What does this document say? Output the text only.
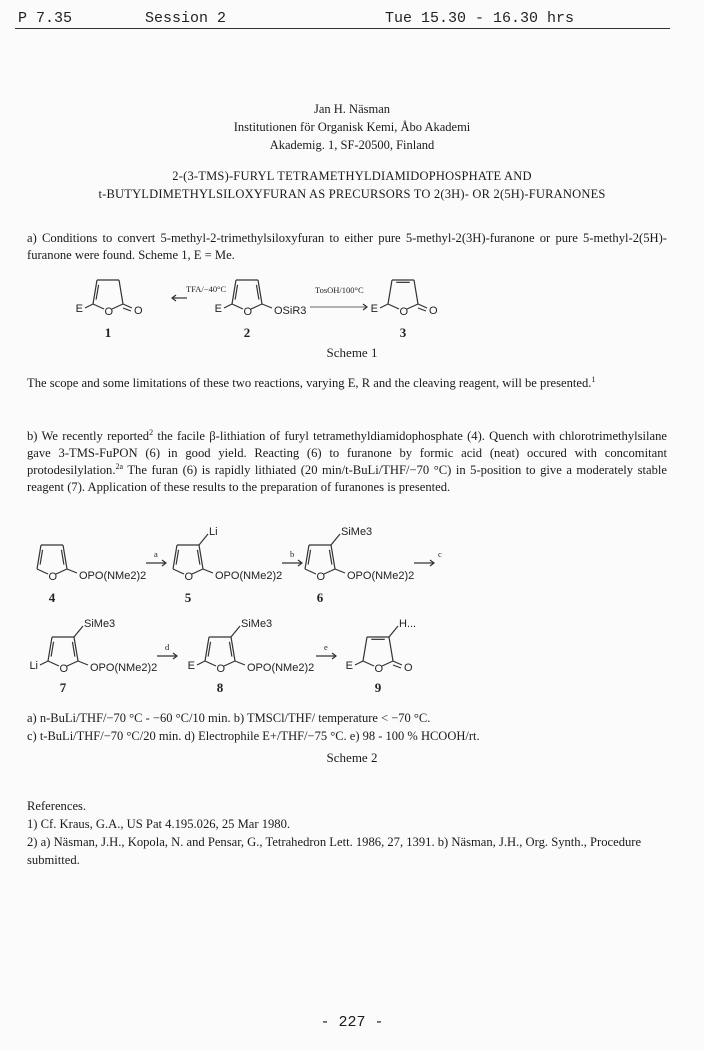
P 7.35	Session 2	Tue 15.30 - 16.30 hrs
Jan H. Näsman
Institutionen för Organisk Kemi, Åbo Akademi
Akademig. 1, SF-20500, Finland
2-(3-TMS)-FURYL TETRAMETHYLDIAMIDOPHOSPHATE AND
t-BUTYLDIMETHYLSILOXYFURAN AS PRECURSORS TO 2(3H)- OR 2(5H)-FURANONES
a) Conditions to convert 5-methyl-2-trimethylsiloxyfuran to either pure 5-methyl-2(3H)-furanone or pure 5-methyl-2(5H)-furanone were found. Scheme 1, E = Me.
The scope and some limitations of these two reactions, varying E, R and the cleaving reagent, will be presented.$^1$
b) We recently reported$^2$ the facile β-lithiation of furyl tetramethyldiamidophosphate (4). Quench with chlorotrimethylsilane gave 3-TMS-FuPON (6) in good yield. Reacting (6) to furanone by formic acid (neat) occured with concomitant protodesilylation.$^{2a}$ The furan (6) is rapidly lithiated (20 min/t-BuLi/THF/−70 °C) in 5-position to give a moderately stable reagent (7). Application of these results to the preparation of furanones is presented.
O
E	O
1
O
E	OSiR3
2
O
E	O
3
O OPO(NMe2)2
4
O OPO(NMe2)2
Li
5
O OPO(NMe2)2
SiMe3
6
O
Li	OPO(NMe2)2
SiMe3
7
O
E	OPO(NMe2)2
SiMe3
8
O
E	O
H...
9
TFA/−40°C	TosOH/100°C
Scheme 1
a	b	c
d	e
a) n-BuLi/THF/−70 °C - −60 °C/10 min. b) TMSCl/THF/ temperature < −70 °C.
c) t-BuLi/THF/−70 °C/20 min. d) Electrophile E+/THF/−75 °C. e) 98 - 100 % HCOOH/rt.
Scheme 2

References.

1) Cf. Kraus, G.A., US Pat 4.195.026, 25 Mar 1980.

2) a) Näsman, J.H., Kopola, N. and Pensar, G., Tetrahedron Lett. 1986, 27, 1391. b) Näsman, J.H., Org. Synth., Procedure submitted.

- 227 -
